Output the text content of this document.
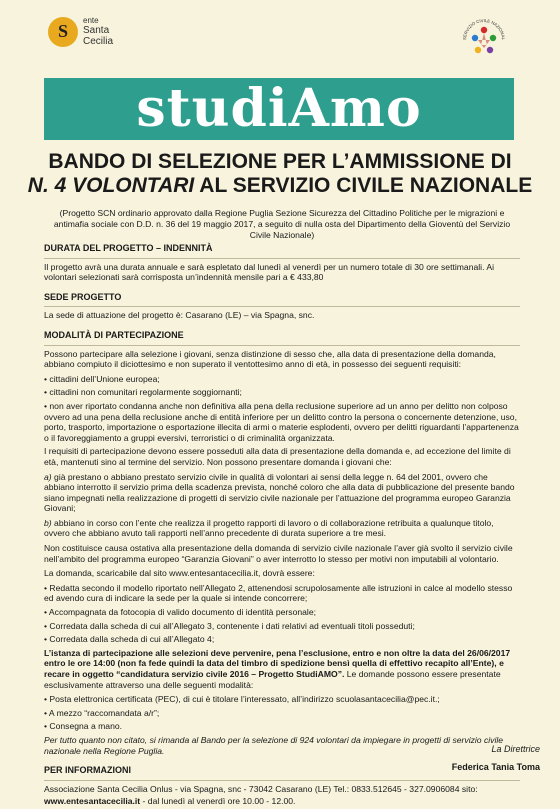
S
ente
Santa
Cecilia	SERVIZIO CIVILE NAZIONAL
studiAmo
BANDO DI SELEZIONE PER L’AMMISSIONE DI
N. 4 VOLONTARI AL SERVIZIO CIVILE NAZIONALE
(Progetto SCN ordinario approvato dalla Regione Puglia Sezione Sicurezza del Cittadino Politiche per le migrazioni e antimafia sociale con D.D. n. 36 del 19 maggio 2017, a seguito di nulla osta del Dipartimento della Gioventù del Servizio Civile Nazionale)
DURATA DEL PROGETTO – INDENNITÀ
Il progetto avrà una durata annuale e sarà espletato dal lunedì al venerdì per un numero totale di 30 ore settimanali. Ai volontari selezionati sarà corrisposta un’indennità mensile pari a € 433,80
SEDE PROGETTO
La sede di attuazione del progetto è: Casarano (LE) – via Spagna, snc.
MODALITÀ DI PARTECIPAZIONE
Possono partecipare alla selezione i giovani, senza distinzione di sesso che, alla data di presentazione della domanda, abbiano compiuto il diciottesimo e non superato il ventottesimo anno di età, in possesso dei seguenti requisiti:
• cittadini dell’Unione europea;
• cittadini non comunitari regolarmente soggiornanti;
• non aver riportato condanna anche non definitiva alla pena della reclusione superiore ad un anno per delitto non colposo ovvero ad una pena della reclusione anche di entità inferiore per un delitto contro la persona o concernente detenzione, uso, porto, trasporto, importazione o esportazione illecita di armi o materie esplodenti, ovvero per delitti riguardanti l’appartenenza o il favoreggiamento a gruppi eversivi, terroristici o di criminalità organizzata.
I requisiti di partecipazione devono essere posseduti alla data di presentazione della domanda e, ad eccezione del limite di età, mantenuti sino al termine del servizio. Non possono presentare domanda i giovani che:
a) già prestano o abbiano prestato servizio civile in qualità di volontari ai sensi della legge n. 64 del 2001, ovvero che abbiano interrotto il servizio prima della scadenza prevista, nonché coloro che alla data di pubblicazione del presente bando siano impegnati nella realizzazione di progetti di servizio civile nazionale per l’attuazione del programma europeo Garanzia Giovani;
b) abbiano in corso con l’ente che realizza il progetto rapporti di lavoro o di collaborazione retribuita a qualunque titolo, ovvero che abbiano avuto tali rapporti nell’anno precedente di durata superiore a tre mesi.
Non costituisce causa ostativa alla presentazione della domanda di servizio civile nazionale l’aver già svolto il servizio civile nell’ambito del programma europeo “Garanzia Giovani” o aver interrotto lo stesso per motivi non imputabili al volontario.
La domanda, scaricabile dal sito www.entesantacecilia.it, dovrà essere:
• Redatta secondo il modello riportato nell’Allegato 2, attenendosi scrupolosamente alle istruzioni in calce al modello stesso ed avendo cura di indicare la sede per la quale si intende concorrere;
• Accompagnata da fotocopia di valido documento di identità personale;
• Corredata dalla scheda di cui all’Allegato 3, contenente i dati relativi ad eventuali titoli posseduti;
• Corredata dalla scheda di cui all’Allegato 4;
L’istanza di partecipazione alle selezioni deve pervenire, pena l’esclusione, entro e non oltre la data del 26/06/2017 entro le ore 14:00 (non fa fede quindi la data del timbro di spedizione bensì quella di effettivo recapito all’Ente), e recare in oggetto “candidatura servizio civile 2016 – Progetto StudiAMO”. Le domande possono essere presentate esclusivamente attraverso una delle seguenti modalità:
• Posta elettronica certificata (PEC), di cui è titolare l’interessato, all’indirizzo scuolasantacecilia@pec.it.;
• A mezzo “raccomandata a/r”;
• Consegna a mano.
Per tutto quanto non citato, si rimanda al Bando per la selezione di 924 volontari da impiegare in progetti di servizio civile nazionale nella Regione Puglia.
PER INFORMAZIONI
Associazione Santa Cecilia Onlus - via Spagna, snc - 73042 Casarano (LE) Tel.: 0833.512645 - 327.0906084 sito:
www.entesantacecilia.it - dal lunedì al venerdì ore 10.00 - 12.00.
La Direttrice
Federica Tania Toma
